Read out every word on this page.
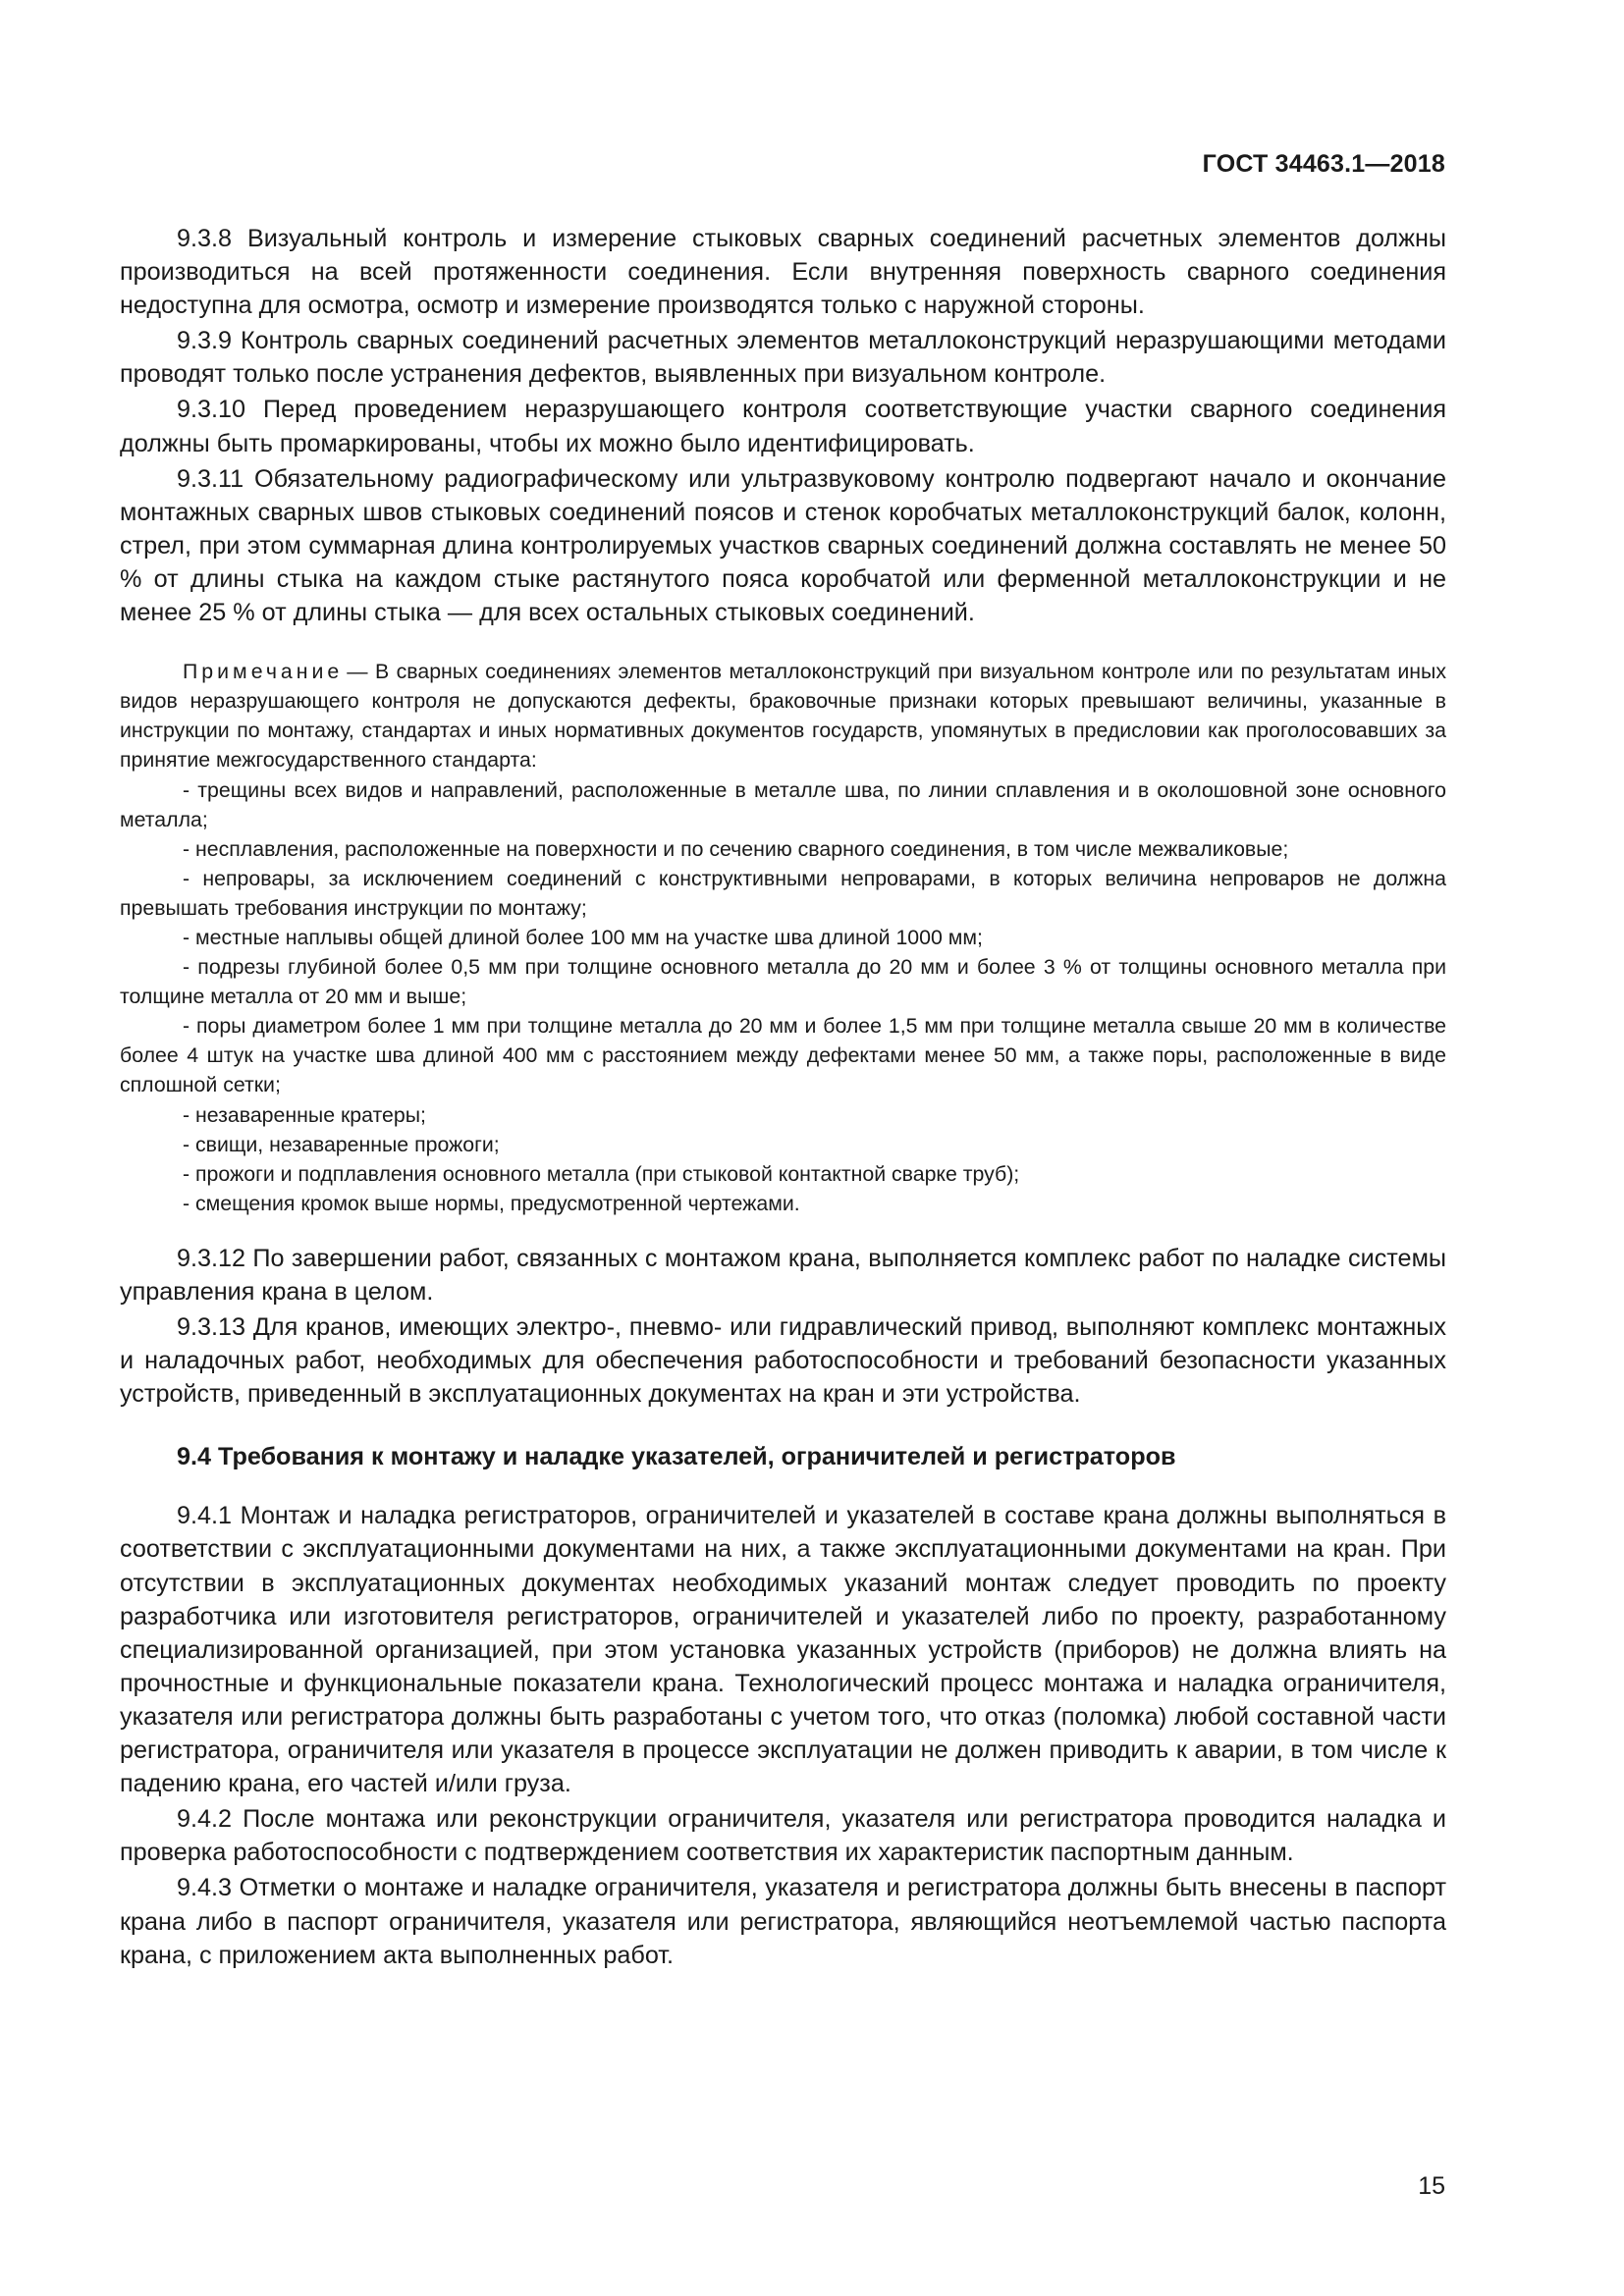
ГОСТ 34463.1—2018

9.3.8 Визуальный контроль и измерение стыковых сварных соединений расчетных элементов должны производиться на всей протяженности соединения. Если внутренняя поверхность сварного соединения недоступна для осмотра, осмотр и измерение производятся только с наружной стороны.

9.3.9 Контроль сварных соединений расчетных элементов металлоконструкций неразрушающими методами проводят только после устранения дефектов, выявленных при визуальном контроле.

9.3.10 Перед проведением неразрушающего контроля соответствующие участки сварного соединения должны быть промаркированы, чтобы их можно было идентифицировать.

9.3.11 Обязательному радиографическому или ультразвуковому контролю подвергают начало и окончание монтажных сварных швов стыковых соединений поясов и стенок коробчатых металлоконструкций балок, колонн, стрел, при этом суммарная длина контролируемых участков сварных соединений должна составлять не менее 50 % от длины стыка на каждом стыке растянутого пояса коробчатой или ферменной металлоконструкции и не менее 25 % от длины стыка — для всех остальных стыковых соединений.

Примечание — В сварных соединениях элементов металлоконструкций при визуальном контроле или по результатам иных видов неразрушающего контроля не допускаются дефекты, браковочные признаки которых превышают величины, указанные в инструкции по монтажу, стандартах и иных нормативных документов государств, упомянутых в предисловии как проголосовавших за принятие межгосударственного стандарта:

- трещины всех видов и направлений, расположенные в металле шва, по линии сплавления и в околошовной зоне основного металла;

- несплавления, расположенные на поверхности и по сечению сварного соединения, в том числе межваликовые;

- непровары, за исключением соединений с конструктивными непроварами, в которых величина непроваров не должна превышать требования инструкции по монтажу;

- местные наплывы общей длиной более 100 мм на участке шва длиной 1000 мм;

- подрезы глубиной более 0,5 мм при толщине основного металла до 20 мм и более 3 % от толщины основного металла при толщине металла от 20 мм и выше;

- поры диаметром более 1 мм при толщине металла до 20 мм и более 1,5 мм при толщине металла свыше 20 мм в количестве более 4 штук на участке шва длиной 400 мм с расстоянием между дефектами менее 50 мм, а также поры, расположенные в виде сплошной сетки;

- незаваренные кратеры;

- свищи, незаваренные прожоги;

- прожоги и подплавления основного металла (при стыковой контактной сварке труб);

- смещения кромок выше нормы, предусмотренной чертежами.

9.3.12 По завершении работ, связанных с монтажом крана, выполняется комплекс работ по наладке системы управления крана в целом.

9.3.13 Для кранов, имеющих электро-, пневмо- или гидравлический привод, выполняют комплекс монтажных и наладочных работ, необходимых для обеспечения работоспособности и требований безопасности указанных устройств, приведенный в эксплуатационных документах на кран и эти устройства.

9.4 Требования к монтажу и наладке указателей, ограничителей и регистраторов

9.4.1 Монтаж и наладка регистраторов, ограничителей и указателей в составе крана должны выполняться в соответствии с эксплуатационными документами на них, а также эксплуатационными документами на кран. При отсутствии в эксплуатационных документах необходимых указаний монтаж следует проводить по проекту разработчика или изготовителя регистраторов, ограничителей и указателей либо по проекту, разработанному специализированной организацией, при этом установка указанных устройств (приборов) не должна влиять на прочностные и функциональные показатели крана. Технологический процесс монтажа и наладка ограничителя, указателя или регистратора должны быть разработаны с учетом того, что отказ (поломка) любой составной части регистратора, ограничителя или указателя в процессе эксплуатации не должен приводить к аварии, в том числе к падению крана, его частей и/или груза.

9.4.2 После монтажа или реконструкции ограничителя, указателя или регистратора проводится наладка и проверка работоспособности с подтверждением соответствия их характеристик паспортным данным.

9.4.3 Отметки о монтаже и наладке ограничителя, указателя и регистратора должны быть внесены в паспорт крана либо в паспорт ограничителя, указателя или регистратора, являющийся неотъемлемой частью паспорта крана, с приложением акта выполненных работ.

15
